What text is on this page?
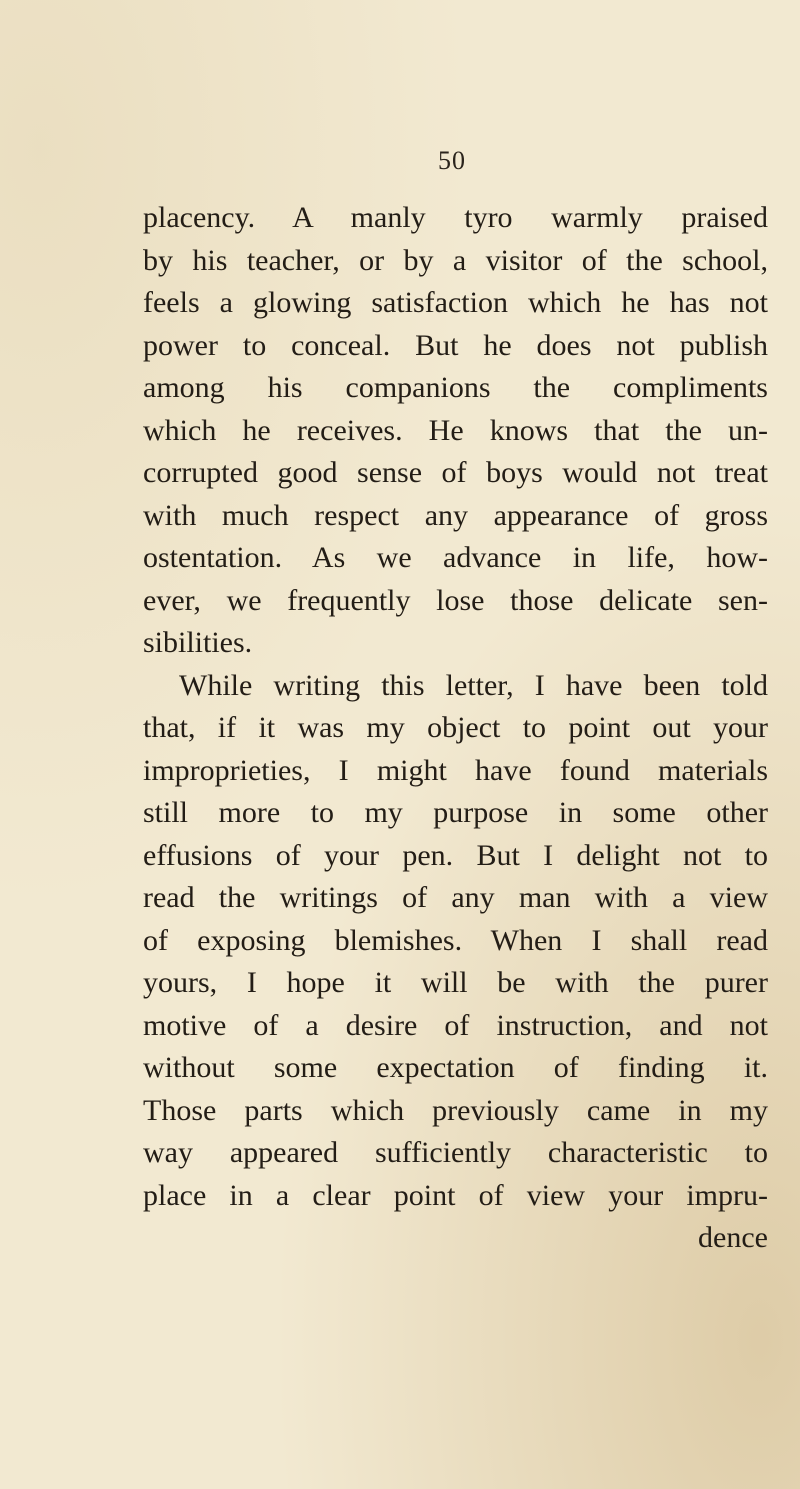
50

placency. A manly tyro warmly praised
by his teacher, or by a visitor of the school,
feels a glowing satisfaction which he has not
power to conceal. But he does not publish
among his companions the compliments
which he receives. He knows that the un-
corrupted good sense of boys would not treat
with much respect any appearance of gross
ostentation. As we advance in life, how-
ever, we frequently lose those delicate sen-
sibilities.
While writing this letter, I have been told
that, if it was my object to point out your
improprieties, I might have found materials
still more to my purpose in some other
effusions of your pen. But I delight not to
read the writings of any man with a view
of exposing blemishes. When I shall read
yours, I hope it will be with the purer
motive of a desire of instruction, and not
without some expectation of finding it.
Those parts which previously came in my
way appeared sufficiently characteristic to
place in a clear point of view your impru-
dence
